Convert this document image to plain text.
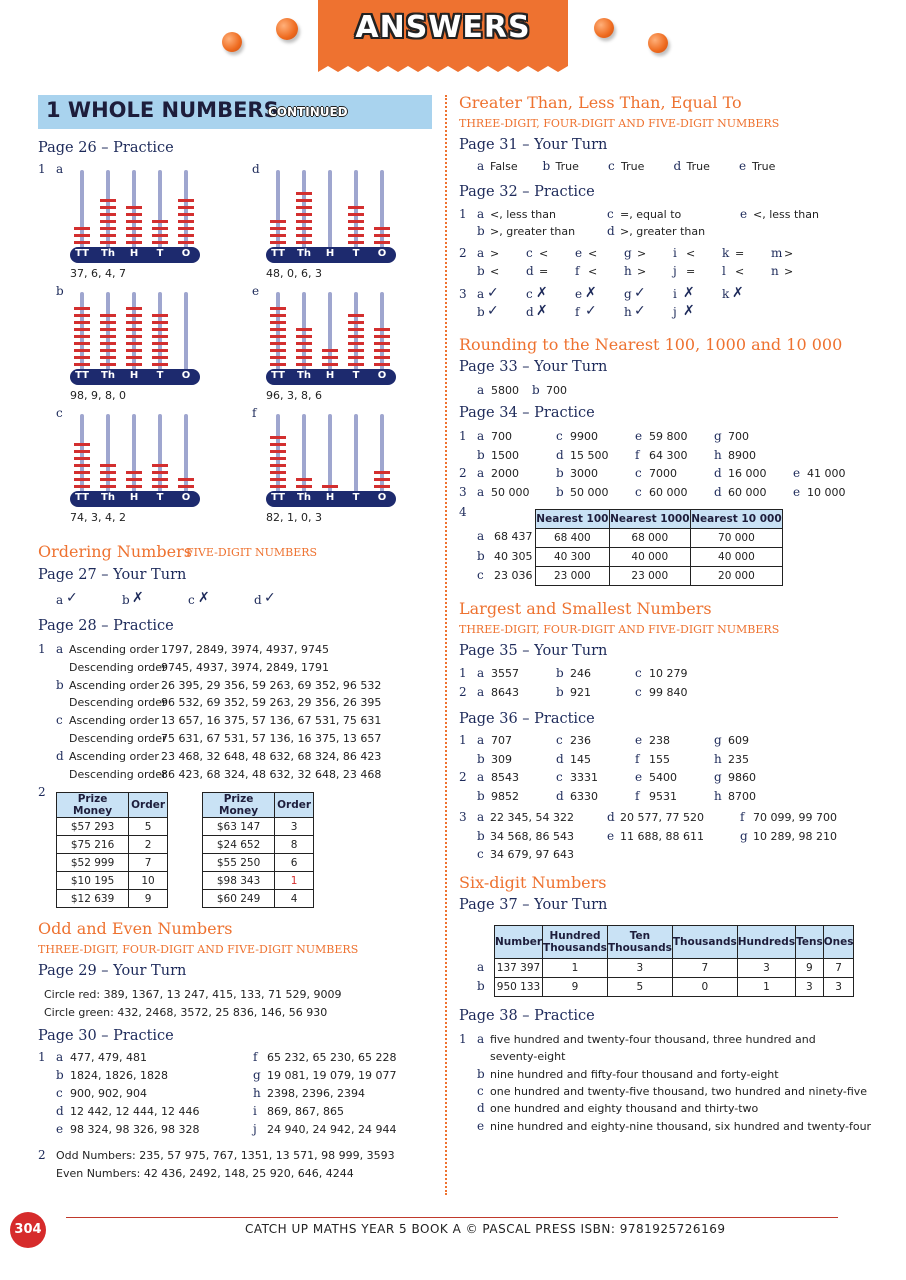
ANSWERS
1 WHOLE NUMBERS
CONTINUED
Page 26 – Practice
1 a
TT	Th	H	T	O
37, 6, 4, 7
d
TT	Th	H	T	O
48, 0, 6, 3
b
TT	Th	H	T	O
98, 9, 8, 0
e
TT	Th	H	T	O
96, 3, 8, 6
c
TT	Th	H	T	O
74, 3, 4, 2
f
TT	Th	H	T	O
82, 1, 0, 3
Ordering Numbers
FIVE-DIGIT NUMBERS
Page 27 – Your Turn
a ✓	b ✗	c ✗	d ✓
Page 28 – Practice
1 a Ascending order 1797, 2849, 3974, 4937, 9745
Descending order
9745, 4937, 3974, 2849, 1791
b Ascending order 26 395, 29 356, 59 263, 69 352, 96 532
Descending order
96 532, 69 352, 59 263, 29 356, 26 395
c Ascending order 13 657, 16 375, 57 136, 67 531, 75 631
Descending order
75 631, 67 531, 57 136, 16 375, 13 657
d Ascending order 23 468, 32 648, 48 632, 68 324, 86 423
Descending order
86 423, 68 324, 48 632, 32 648, 23 468
2	Prize Money	Order
$57 293	5
$75 216	2
$52 999	7
$10 195	10
$12 639	9
Prize Money	Order
$63 147	3
$24 652	8
$55 250	6
$98 343	1
$60 249	4
Odd and Even Numbers
THREE-DIGIT, FOUR-DIGIT AND FIVE-DIGIT NUMBERS
Page 29 – Your Turn
Circle red: 389, 1367, 13 247, 415, 133, 71 529, 9009
Circle green: 432, 2468, 3572, 25 836, 146, 56 930
Page 30 – Practice
1 a 477, 479, 481
b 1824, 1826, 1828
c 900, 902, 904
d 12 442, 12 444, 12 446
e 98 324, 98 326, 98 328
f 65 232, 65 230, 65 228
g 19 081, 19 079, 19 077
h 2398, 2396, 2394
i 869, 867, 865
j 24 940, 24 942, 24 944
2 Odd Numbers: 235, 57 975, 767, 1351, 13 571, 98 999, 3593
Even Numbers: 42 436, 2492, 148, 25 920, 646, 4244
Greater Than, Less Than, Equal To
THREE-DIGIT, FOUR-DIGIT AND FIVE-DIGIT NUMBERS
Page 31 – Your Turn
a False b True c True d True e True
Page 32 – Practice
1 a <, less than	c =, equal to	e <, less than
b >, greater than	d >, greater than
2 a > c < e < g > i < k = m >
b < d = f < h > j = l < n >
3 a ✓ c ✗ e ✗ g ✓ i ✗ k ✗
b ✓ d ✗ f ✓ h ✓ j ✗
Rounding to the Nearest 100, 1000 and 10 000
Page 33 – Your Turn
a 5800 b 700
Page 34 – Practice
1 a 700	c 9900	e 59 800 g 700
b 1500	d 15 500 f 64 300 h 8900
2 a 2000	b 3000	c 7000	d 16 000 e 41 000
3 a 50 000 b 50 000 c 60 000 d 60 000 e 10 000
4
a 68 437
b 40 305
c 23 036
Nearest 100	Nearest 1000	Nearest 10 000
68 400	68 000	70 000
40 300	40 000	40 000
23 000	23 000	20 000
Largest and Smallest Numbers
THREE-DIGIT, FOUR-DIGIT AND FIVE-DIGIT NUMBERS
Page 35 – Your Turn
1 a 3557	b 246	c 10 279
2 a 8643	b 921	c 99 840
Page 36 – Practice
1 a 707	c 236	e 238	g 609
b 309	d 145	f 155	h 235
2 a 8543	c 3331	e 5400	g 9860
b 9852	d 6330	f 9531	h 8700
3 a 22 345, 54 322	d 20 577, 77 520	f 70 099, 99 700
b 34 568, 86 543	e 11 688, 88 611	g 10 289, 98 210
c 34 679, 97 643
Six-digit Numbers
Page 37 – Your Turn
a
b
Number	Hundred Thousands	Ten Thousands	Thousands	Hundreds	Tens	Ones
137 397	1	3	7	3	9	7
950 133	9	5	0	1	3	3
Page 38 – Practice
1 a five hundred and twenty-four thousand, three hundred and
seventy-eight
b nine hundred and fifty-four thousand and forty-eight
c one hundred and twenty-five thousand, two hundred and ninety-five
d one hundred and eighty thousand and thirty-two
e nine hundred and eighty-nine thousand, six hundred and twenty-four
304	CATCH UP MATHS YEAR 5 BOOK A © PASCAL PRESS ISBN: 9781925726169
